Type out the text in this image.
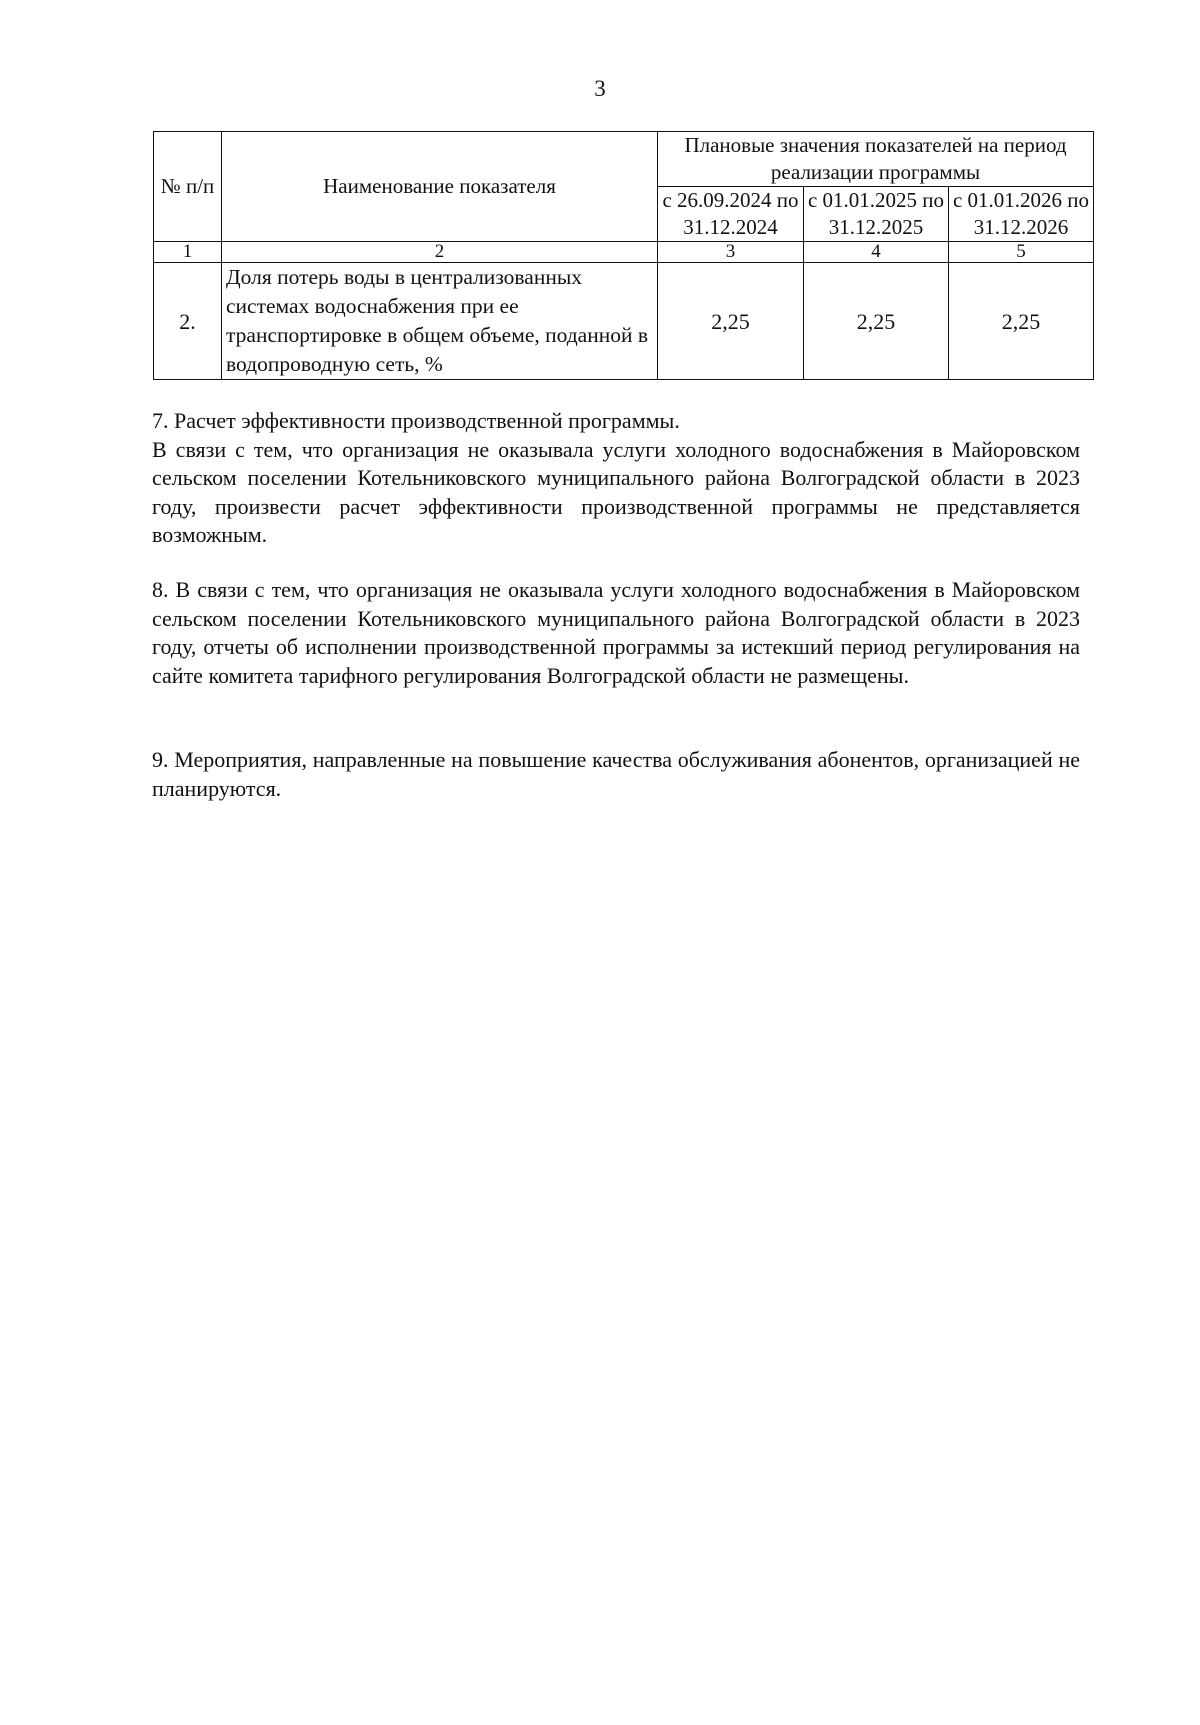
3
№ п/п	Наименование показателя	Плановые значения показателей на период реализации программы		
		с 26.09.2024 по 31.12.2024	с 01.01.2025 по 31.12.2025	с 01.01.2026 по 31.12.2026
1	2	3	4	5
2.	Доля потерь воды в централизованных системах водоснабжения при ее транспортировке в общем объеме, поданной в водопроводную сеть, %	2,25	2,25	2,25

7. Расчет эффективности производственной программы.

В связи с тем, что организация не оказывала услуги холодного водоснабжения в Майоровском сельском поселении Котельниковского муниципального района Волгоградской области в 2023 году, произвести расчет эффективности производственной программы не представляется возможным.

8. В связи с тем, что организация не оказывала услуги холодного водоснабжения в Майоровском сельском поселении Котельниковского муниципального района Волгоградской области в 2023 году, отчеты об исполнении производственной программы за истекший период регулирования на сайте комитета тарифного регулирования Волгоградской области не размещены.

9. Мероприятия, направленные на повышение качества обслуживания абонентов, организацией не планируются.
